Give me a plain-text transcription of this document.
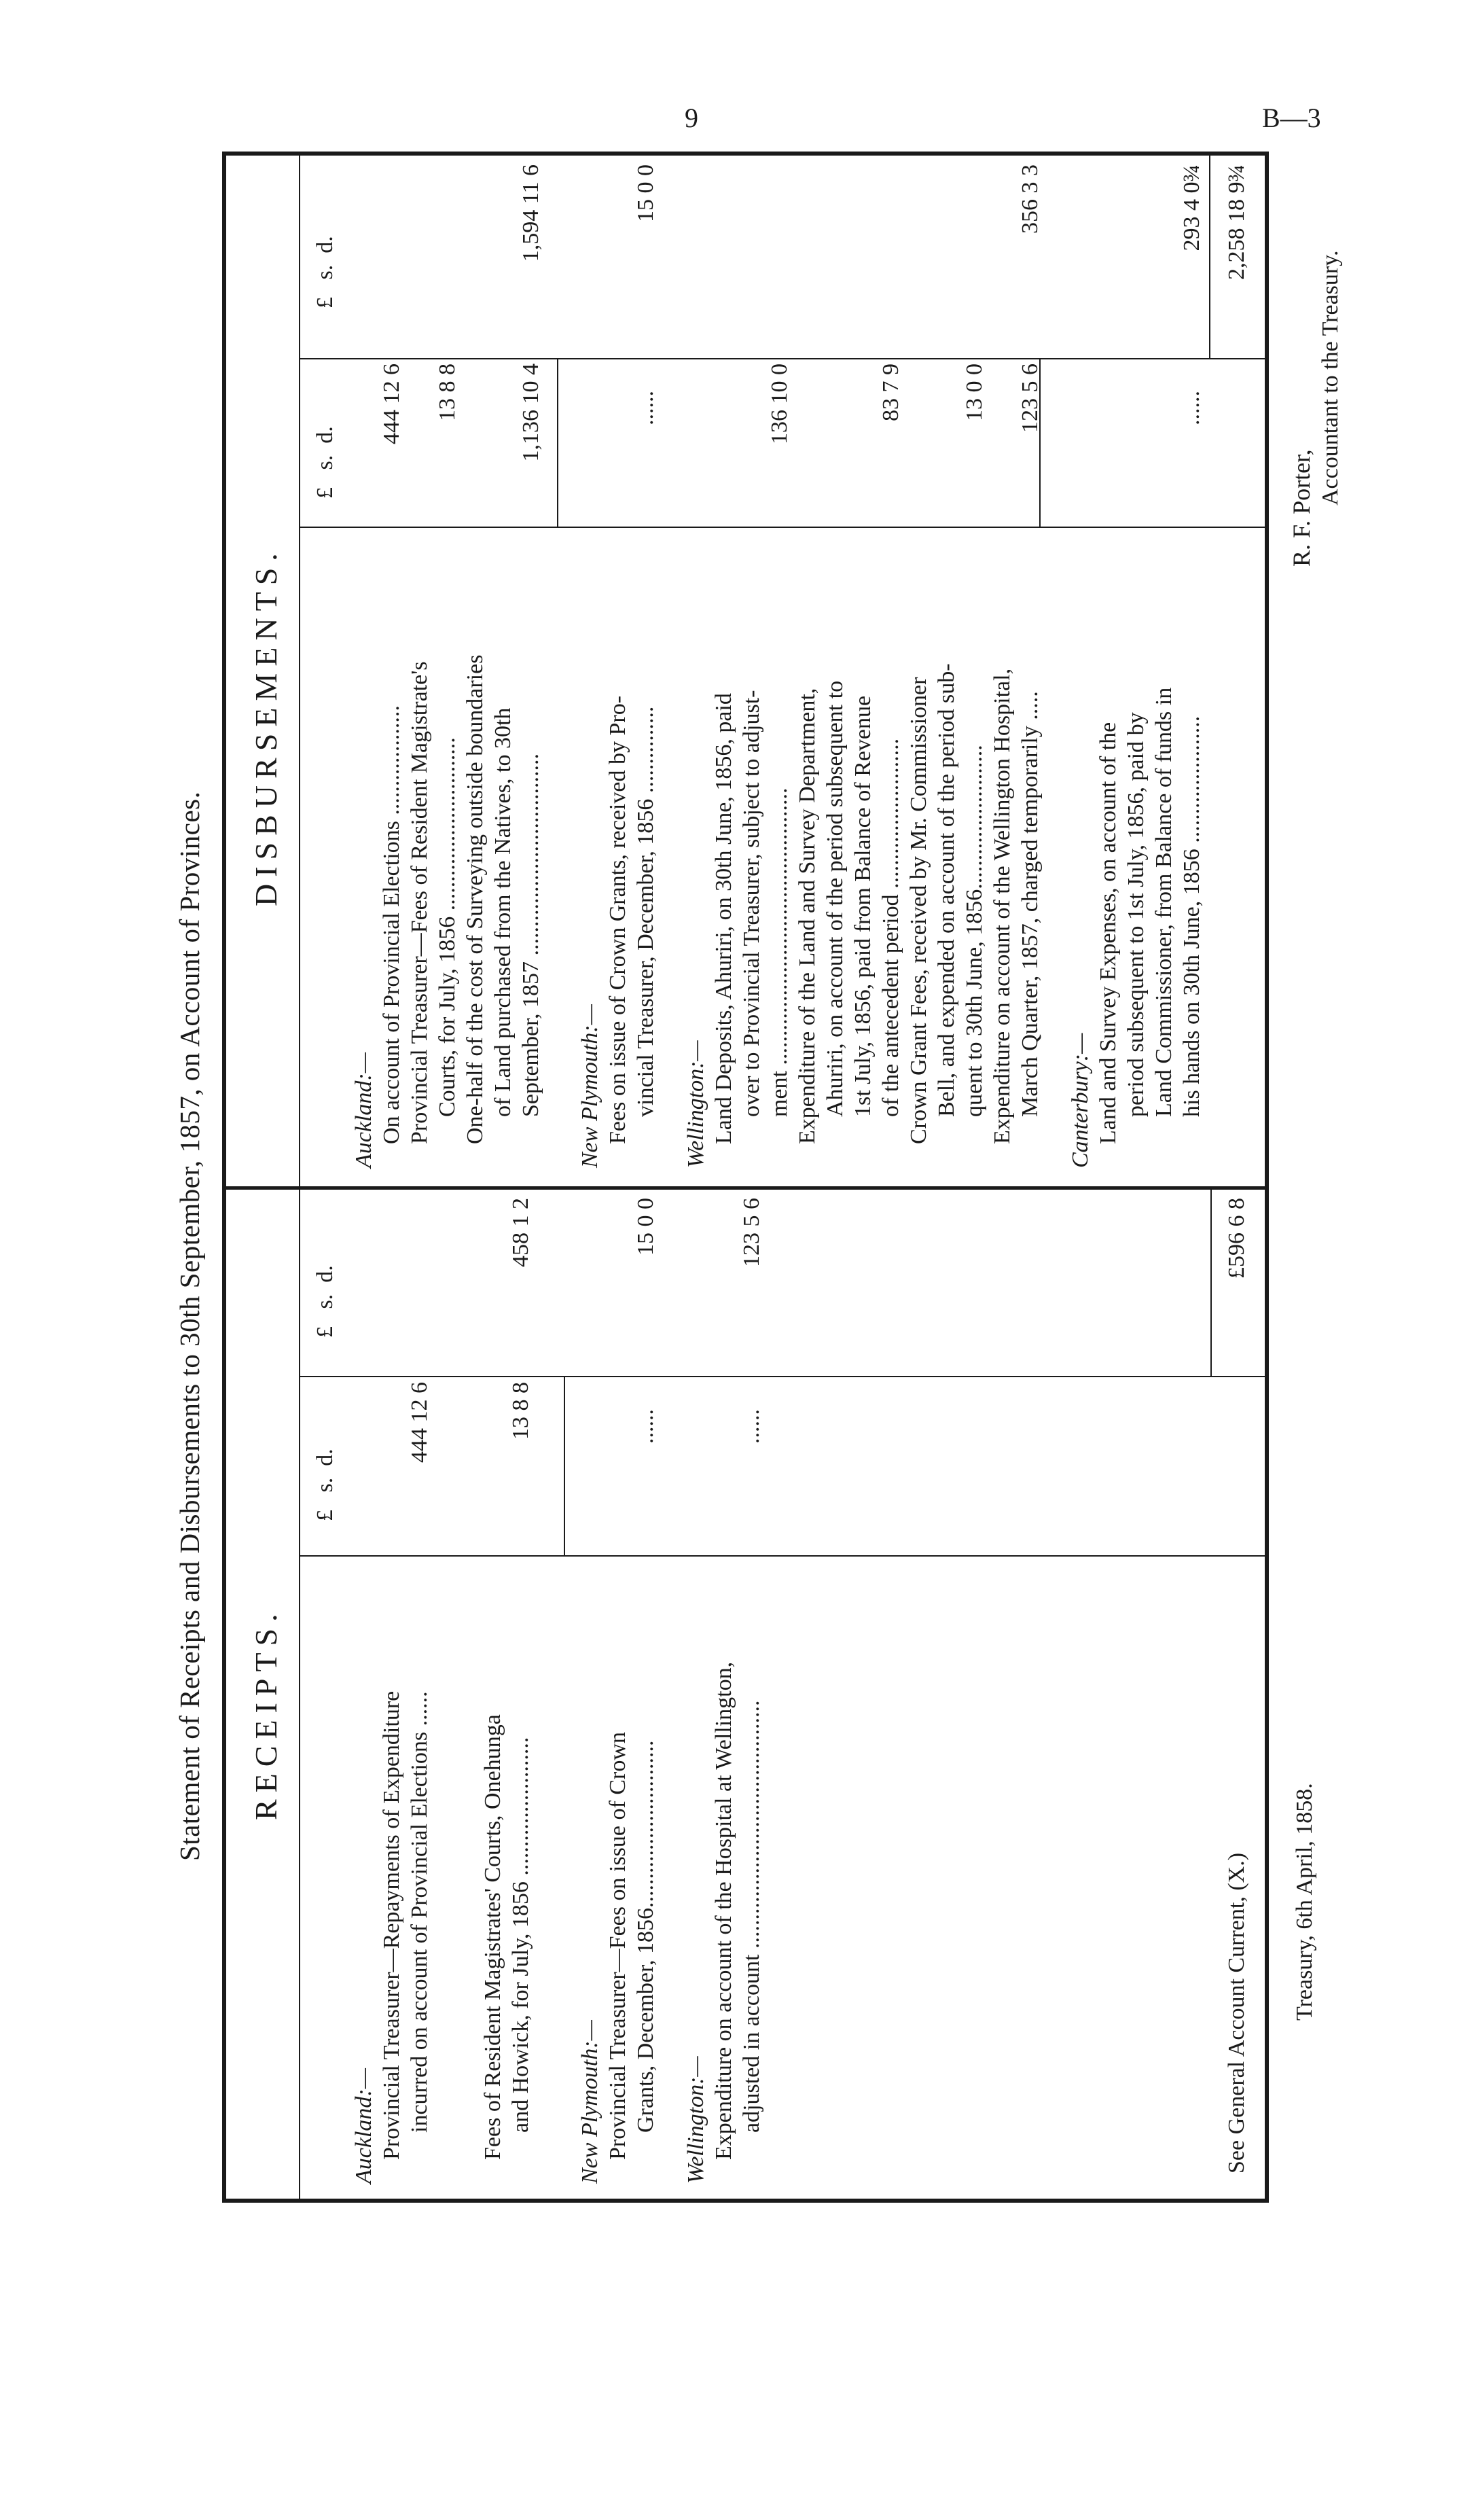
9	B—3
Statement of Receipts and Disbursements to 30th September, 1857, on Account of Provinces. RECEIPTS.
DISBURSEMENTS.
£   s.  d.
£   s.  d.
£   s.  d.
£   s.  d.
Auckland:— Provincial Treasurer—Repayments of Expenditure incurred on account of Provincial Elections ......
444 12 6
Fees of Resident Magistrates' Courts, Onehunga and Howick, for July, 1856 ........................
13 8 8
458 1 2
New Plymouth:— Provincial Treasurer—Fees on issue of Crown Grants, December, 1856.............................
......
15 0 0
Wellington:— Expenditure on account of the Hospital at Wellington, adjusted in account ...........................................
......
123 5 6
See General Account Current, (X.)
£596 6 8
Auckland:— On account of Provincial Elections ...................
444 12 6
Provincial Treasurer—Fees of Resident Magistrate's Courts, for July, 1856 ..............................
13 8 8
One-half of the cost of Surveying outside boundaries of Land purchased from the Natives, to 30th September, 1857 ...................................
1,136 10 4
1,594 11 6
New Plymouth:— Fees on issue of Crown Grants, received by Pro- vincial Treasurer, December, 1856 ...............
......
15 0 0
Wellington:— Land Deposits, Ahuriri, on 30th June, 1856, paid over to Provincial Treasurer, subject to adjust- ment ................................................
136 10 0
Expenditure of the Land and Survey Department, Ahuriri, on account of the period subsequent to 1st July, 1856, paid from Balance of Revenue of the antecedent period ..........................
83 7 9
Crown Grant Fees, received by Mr. Commissioner Bell, and expended on account of the period sub- quent to 30th June, 1856.........................
13 0 0
Expenditure on account of the Wellington Hospital, March Quarter, 1857, charged temporarily .....
123 5 6
356 3 3
Canterbury:— Land and Survey Expenses, on account of the period subsequent to 1st July, 1856, paid by Land Commissioner, from Balance of funds in his hands on 30th June, 1856 ......................
......
293 4 0¾ 2,258 18 9¾
Treasury, 6th April, 1858.
R. F. Porter,
Accountant to the Treasury.
